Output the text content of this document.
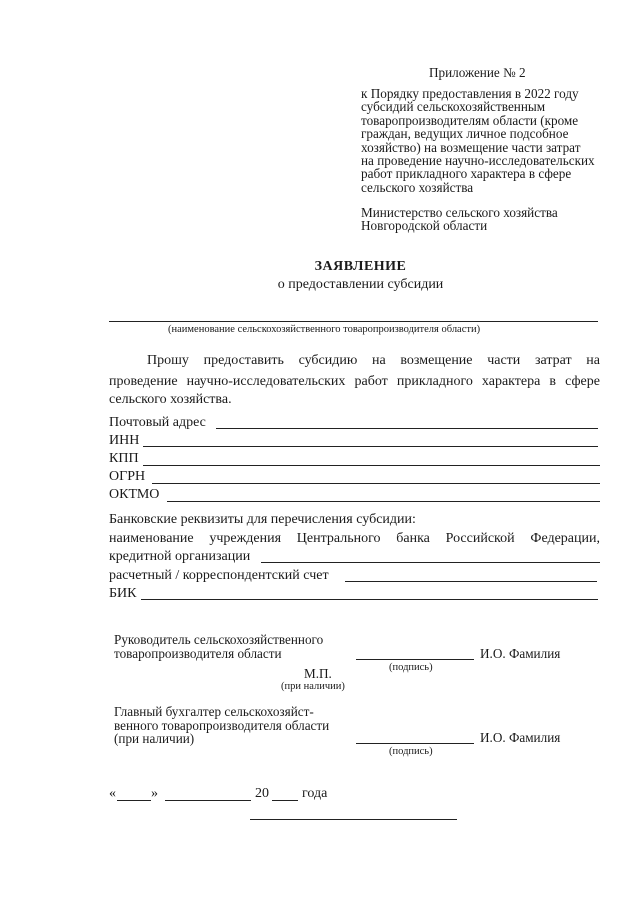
Приложение № 2
к Порядку предоставления в 2022 году
субсидий сельскохозяйственным
товаропроизводителям области (кроме
граждан, ведущих личное подсобное
хозяйство) на возмещение части затрат
на проведение научно-исследовательских
работ прикладного характера в сфере
сельского хозяйства
Министерство сельского хозяйства
Новгородской области
ЗАЯВЛЕНИЕ
о предоставлении субсидии
(наименование сельскохозяйственного товаропроизводителя области)
Прошу предоставить субсидию на возмещение части затрат на
проведение научно-исследовательских работ прикладного характера в сфере
сельского хозяйства.
Почтовый адрес
ИНН
КПП
ОГРН
ОКТМО
Банковские реквизиты для перечисления субсидии:
наименование учреждения Центрального банка Российской Федерации,
кредитной организации
расчетный / корреспондентский счет
БИК
Руководитель сельскохозяйственного
товаропроизводителя области
(подпись)
И.О. Фамилия
М.П.
(при наличии)
Главный бухгалтер сельскохозяйст-
венного товаропроизводителя области
(при наличии)
(подпись)
И.О. Фамилия
«	»	20 года
